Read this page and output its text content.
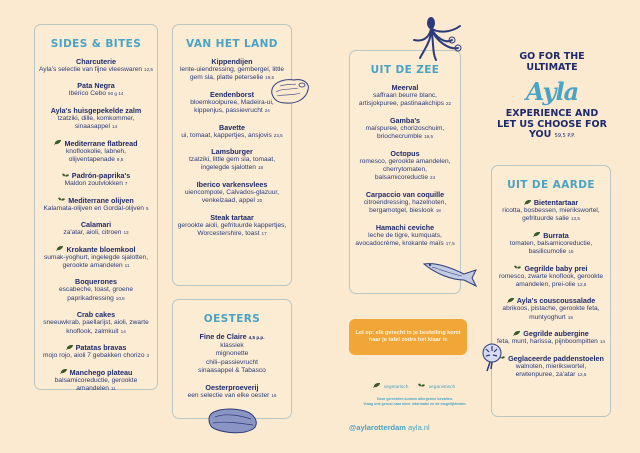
SIDES & BITES
Charcuterie
Ayla's selectie van fijne vleeswaren 12,5
Pata Negra
Ibérico Cebo 50 g 14
Ayla's huisgepekelde zalm
tzatziki, dille, komkommer, sinaasappel 14
Mediterrane flatbread
knoflookolie, labneh, olijventapenade 9,5
Padrón-paprika's
Maldon zoutvlokken 7
Mediterrane olijven
Kalamata-olijven en Gordal-olijven 5
Calamari
za'atar, aioli, citroen 13
Krokante bloemkool
sumak-yoghurt, ingelegde sjalotten, gerookte amandelen 11
Boquerones
escabeche, toast, groene paprikadressing 10,5
Crab cakes
sneeuwkrab, paellarijst, aioli, zwarte knoflook, zalmkuit 14
Patatas bravas
mojo rojo, aioli 7 gebakken chorizo 3
Manchego plateau
balsamicoreductie, gerookte amandelen 11
VAN HET LAND
Kippendijen
lente-uiendressing, gembergel, little gem sla, platte peterselie 19,5
Eendenborst
bloemkoolpuree, Madeira-ui, kippenjus, passievrucht 24
Bavette
ui, tomaat, kappertjes, ansjovis 23,5
Lamsburger
tzatziki, little gem sla, tomaat, ingelegde sjalotten 18
Iberico varkensvlees
uiencompote, Calvados-glazuur, venkelzaad, appel 20
Steak tartaar
gerookte aioli, gefrituurde kappertjes, Worcestershire, toast 17
OESTERS
Fine de Claire 4,5 p.p.
klassiek
mignonette
chili–passievrucht
sinaasappel & Tabasco
Oesterproeverij
een selectie van elke oester 16
UIT DE ZEE
Meerval
saffraan beurre blanc, artisjokpuree, pastinaakchips 22
Gamba's
maïspuree, chorizoschuim, briochecrumble 19,5
Octopus
romesco, gerookte amandelen, cherrytomaten, balsamicoreductie 24
Carpaccio van coquille
citroendressing, hazelnoten, bergamotgel, bieslook 18
Hamachi ceviche
leche de tigre, kumquats, avocadocrème, krokante maïs 17,5
UIT DE AARDE
Bietentartaar
ricotta, bosbessen, mierikswortel, gefrituurde salie 13,5
Burrata
tomaten, balsamicoreductie, basilicumolie 15
Gegrilde baby prei
romesco, zwarte knoflook, gerookte amandelen, prei-olie 12,5
Ayla's couscoussalade
abrikoos, pistache, gerookte feta, muntyoghurt 15
Gegrilde aubergine
feta, munt, harissa, pijnboompitten 14
Geglaceerde paddenstoelen
walnoten, mierikswortel, erwtenpuree, za'atar 12,5
GO FOR THE ULTIMATE
Ayla
EXPERIENCE AND LET US CHOOSE FOR YOU 59,5 P.P.
Let op: elk gerecht in je bestelling komt naar je tafel zodra het klaar is
vegetarisch	veganistisch
Deze gerechten kunnen allergenen bevatten.
Vraag ons gerust naar meer informatie en de mogelijkheden.
@aylarotterdam ayla.nl
